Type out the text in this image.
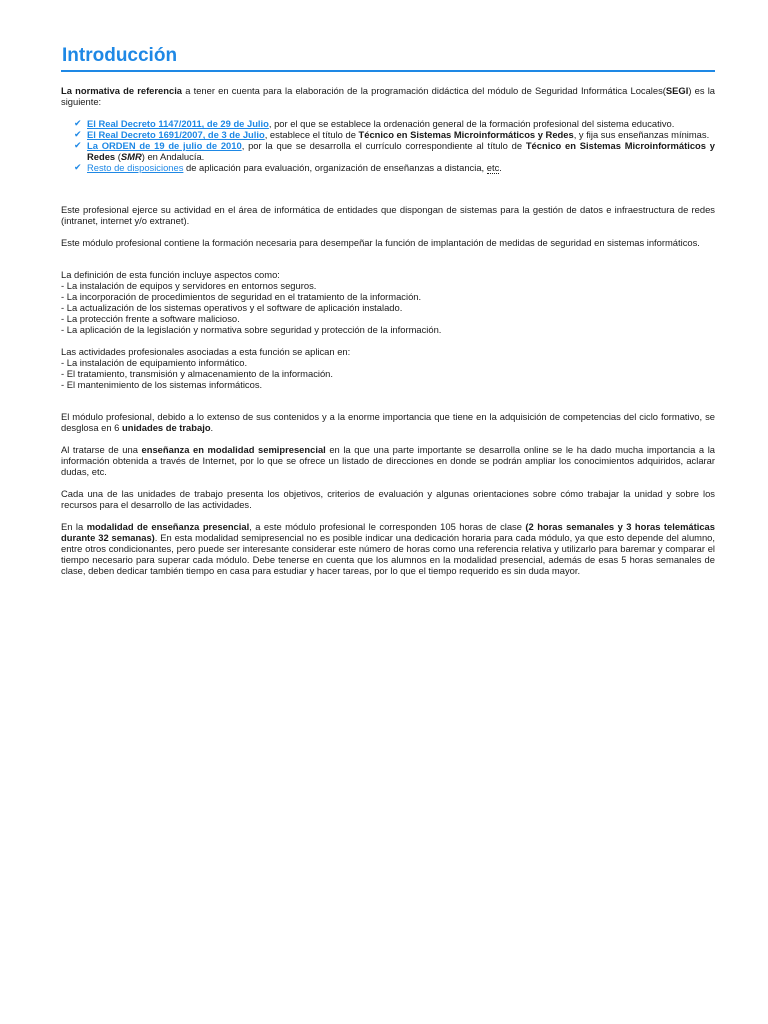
Introducción

La normativa de referencia a tener en cuenta para la elaboración de la programación didáctica del módulo de Seguridad Informática Locales(SEGI) es la siguiente:

✔ El Real Decreto 1147/2011, de 29 de Julio, por el que se establece la ordenación general de la formación profesional del sistema educativo.
✔ El Real Decreto 1691/2007, de 3 de Julio, establece el título de Técnico en Sistemas Microinformáticos y Redes, y fija sus enseñanzas mínimas.
✔ La ORDEN de 19 de julio de 2010, por la que se desarrolla el currículo correspondiente al título de Técnico en Sistemas Microinformáticos y Redes (SMR) en Andalucía.
✔ Resto de disposiciones de aplicación para evaluación, organización de enseñanzas a distancia, etc.

Este profesional ejerce su actividad en el área de informática de entidades que dispongan de sistemas para la gestión de datos e infraestructura de redes (intranet, internet y/o extranet).

Este módulo profesional contiene la formación necesaria para desempeñar la función de implantación de medidas de seguridad en sistemas informáticos.

La definición de esta función incluye aspectos como:

- La instalación de equipos y servidores en entornos seguros.
- La incorporación de procedimientos de seguridad en el tratamiento de la información.
- La actualización de los sistemas operativos y el software de aplicación instalado.
- La protección frente a software malicioso.
- La aplicación de la legislación y normativa sobre seguridad y protección de la información.

Las actividades profesionales asociadas a esta función se aplican en:

- La instalación de equipamiento informático.
- El tratamiento, transmisión y almacenamiento de la información.
- El mantenimiento de los sistemas informáticos.

El módulo profesional, debido a lo extenso de sus contenidos y a la enorme importancia que tiene en la adquisición de competencias del ciclo formativo, se desglosa en 6 unidades de trabajo.

Al tratarse de una enseñanza en modalidad semipresencial en la que una parte importante se desarrolla online se le ha dado mucha importancia a la información obtenida a través de Internet, por lo que se ofrece un listado de direcciones en donde se podrán ampliar los conocimientos adquiridos, aclarar dudas, etc.

Cada una de las unidades de trabajo presenta los objetivos, criterios de evaluación y algunas orientaciones sobre cómo trabajar la unidad y sobre los recursos para el desarrollo de las actividades.

En la modalidad de enseñanza presencial, a este módulo profesional le corresponden 105 horas de clase (2 horas semanales y 3 horas telemáticas durante 32 semanas). En esta modalidad semipresencial no es posible indicar una dedicación horaria para cada módulo, ya que esto depende del alumno, entre otros condicionantes, pero puede ser interesante considerar este número de horas como una referencia relativa y utilizarlo para baremar y comparar el tiempo necesario para superar cada módulo. Debe tenerse en cuenta que los alumnos en la modalidad presencial, además de esas 5 horas semanales de clase, deben dedicar también tiempo en casa para estudiar y hacer tareas, por lo que el tiempo requerido es sin duda mayor.
